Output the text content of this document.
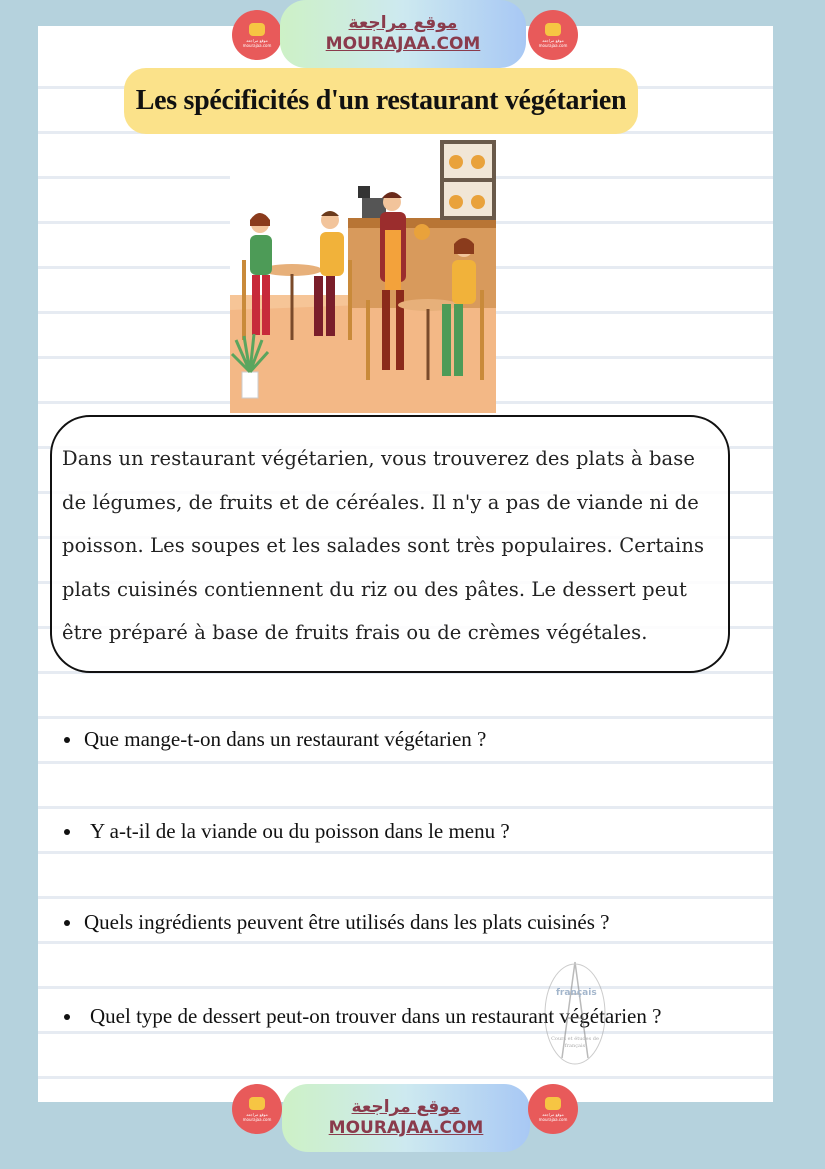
موقع مراجعة mourajaa.com
موقع مراجعة
MOURAJAA.COM	موقع مراجعة mourajaa.com
Les spécificités d'un restaurant végétarien

Dans un restaurant végétarien, vous trouverez des plats à base de légumes, de fruits et de céréales. Il n'y a pas de viande ni de poisson. Les soupes et les salades sont très populaires. Certains plats cuisinés contiennent du riz ou des pâtes. Le dessert peut être préparé à base de fruits frais ou de crèmes végétales.

Que mange-t-on dans un restaurant végétarien ?
Y a-t-il de la viande ou du poisson dans le menu ?
Quels ingrédients peuvent être utilisés dans les plats cuisinés ?
Quel type de dessert peut-on trouver dans un restaurant végétarien ?
français
Cours et études de français
موقع مراجعة mourajaa.com
موقع مراجعة
MOURAJAA.COM
موقع مراجعة mourajaa.com
